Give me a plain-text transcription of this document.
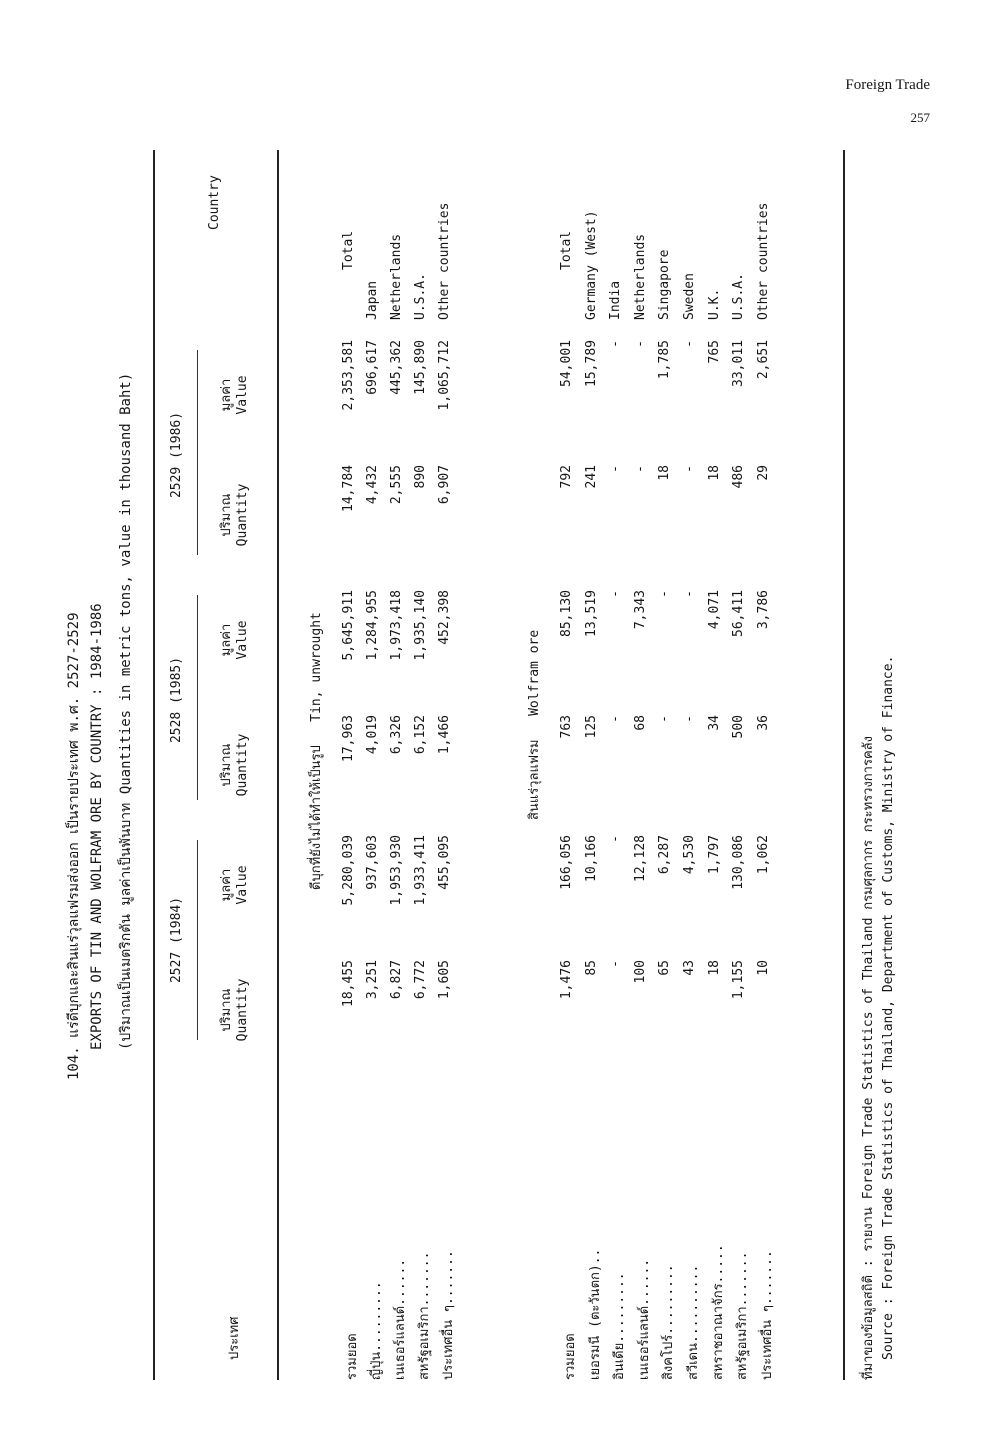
Foreign Trade
257
104. แร่ดีบุกและสินแร่วุลแฟรมส่งออก เป็นรายประเทศ พ.ศ. 2527-2529 EXPORTS OF TIN AND WOLFRAM ORE BY COUNTRY : 1984-1986 (ปริมาณเป็นเมตริกตัน มูลค่าเป็นพันบาท Quantities in metric tons, value in thousand Baht)
ประเทศ
Country
2527 (1984)
2528 (1985)
2529 (1986)
ปริมาณ Quantity
มูลค่า Value
ปริมาณ Quantity
มูลค่า Value
ปริมาณ Quantity
มูลค่า Value
ดีบุกที่ยังไม่ได้ทำให้เป็นรูป   Tin, unwrought
รวมยอด
18,455
5,280,039
17,963
5,645,911
14,784
2,353,581
Total
ญี่ปุ่น.........
3,251
937,603
4,019
1,284,955
4,432
696,617
Japan
เนเธอร์แลนด์......
6,827
1,953,930
6,326
1,973,418
2,555
445,362
Netherlands
สหรัฐอเมริกา.......
6,772
1,933,411
6,152
1,935,140
890
145,890
U.S.A.
ประเทศอื่น ๆ.......
1,605
455,095
1,466
452,398
6,907
1,065,712
Other countries
สินแร่วุลแฟรม   Wolfram ore
รวมยอด
1,476
166,056
763
85,130
792
54,001
Total
เยอรมนี (ตะวันตก)..
85
10,166
125
13,519
241
15,789
Germany (West)
อินเดีย.........
-
-
-
-
-
-
India
เนเธอร์แลนด์......
100
12,128
68
7,343
-
-
Netherlands
สิงคโปร์.........
65
6,287
-
-
18
1,785
Singapore
สวีเดน..........
43
4,530
-
-
-
-
Sweden
สหราชอาณาจักร.....
18
1,797
34
4,071
18
765
U.K.
สหรัฐอเมริกา.......
1,155
130,086
500
56,411
486
33,011
U.S.A.
ประเทศอื่น ๆ.......
10
1,062
36
3,786
29
2,651
Other countries
ที่มาของข้อมูลสถิติ : รายงาน Foreign Trade Statistics of Thailand กรมศุลกากร กระทรวงการคลัง Source : Foreign Trade Statistics of Thailand, Department of Customs, Ministry of Finance.
